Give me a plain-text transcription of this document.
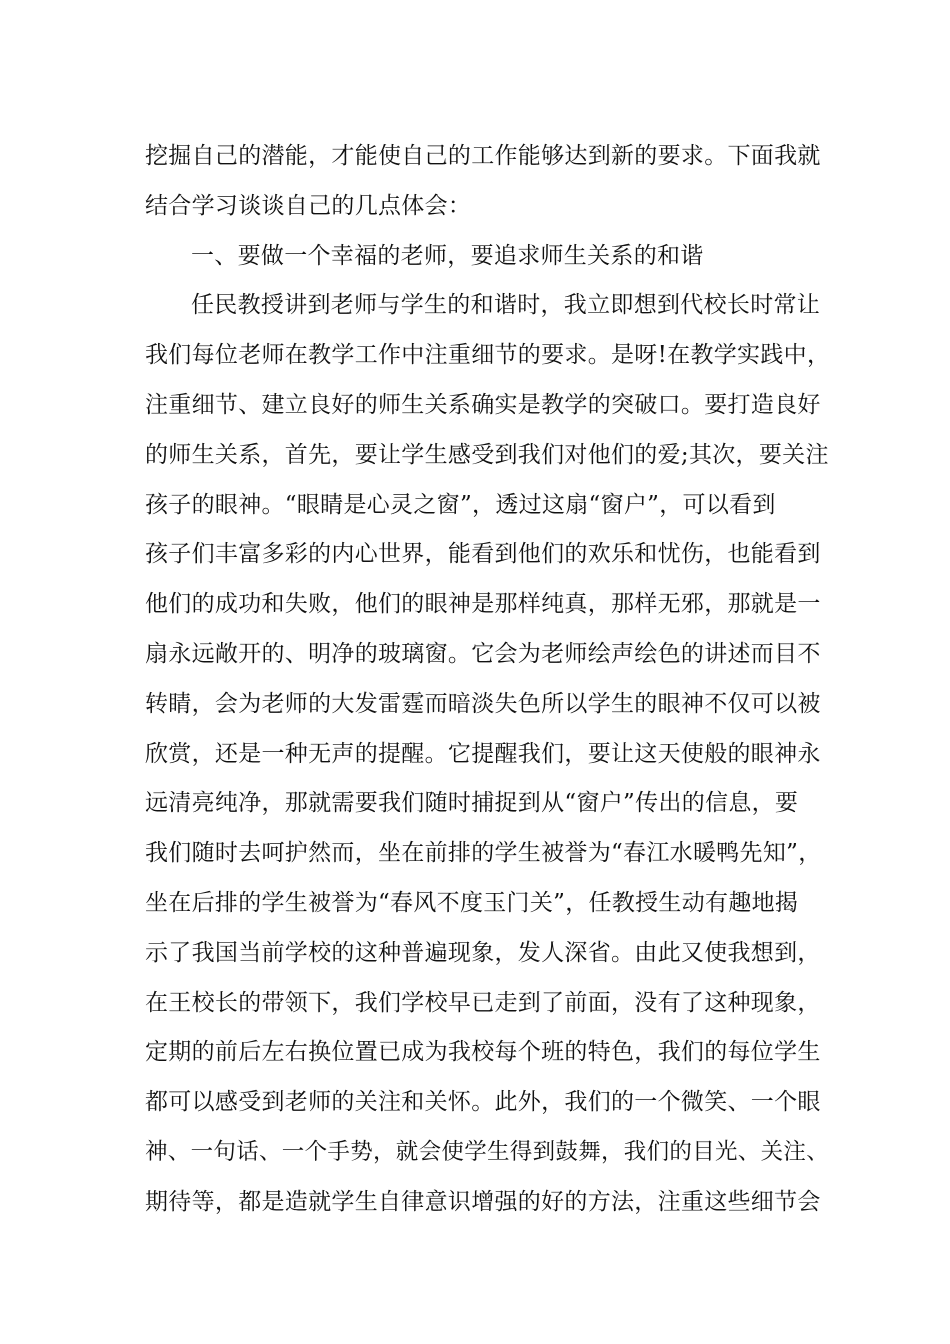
挖掘自己的潜能，才能使自己的工作能够达到新的要求。下面我就
结合学习谈谈自己的几点体会：
一、要做一个幸福的老师，要追求师生关系的和谐
任民教授讲到老师与学生的和谐时，我立即想到代校长时常让
我们每位老师在教学工作中注重细节的要求。是呀!在教学实践中，
注重细节、建立良好的师生关系确实是教学的突破口。要打造良好
的师生关系，首先，要让学生感受到我们对他们的爱;其次，要关注
孩子的眼神。“眼睛是心灵之窗”，透过这扇“窗户”，可以看到
孩子们丰富多彩的内心世界，能看到他们的欢乐和忧伤，也能看到
他们的成功和失败，他们的眼神是那样纯真，那样无邪，那就是一
扇永远敞开的、明净的玻璃窗。它会为老师绘声绘色的讲述而目不
转睛，会为老师的大发雷霆而暗淡失色所以学生的眼神不仅可以被
欣赏，还是一种无声的提醒。它提醒我们，要让这天使般的眼神永
远清亮纯净，那就需要我们随时捕捉到从“窗户”传出的信息，要
我们随时去呵护然而，坐在前排的学生被誉为“春江水暖鸭先知”，
坐在后排的学生被誉为“春风不度玉门关”，任教授生动有趣地揭
示了我国当前学校的这种普遍现象，发人深省。由此又使我想到，
在王校长的带领下，我们学校早已走到了前面，没有了这种现象，
定期的前后左右换位置已成为我校每个班的特色，我们的每位学生
都可以感受到老师的关注和关怀。此外，我们的一个微笑、一个眼
神、一句话、一个手势，就会使学生得到鼓舞，我们的目光、关注、
期待等，都是造就学生自律意识增强的好的方法，注重这些细节会
